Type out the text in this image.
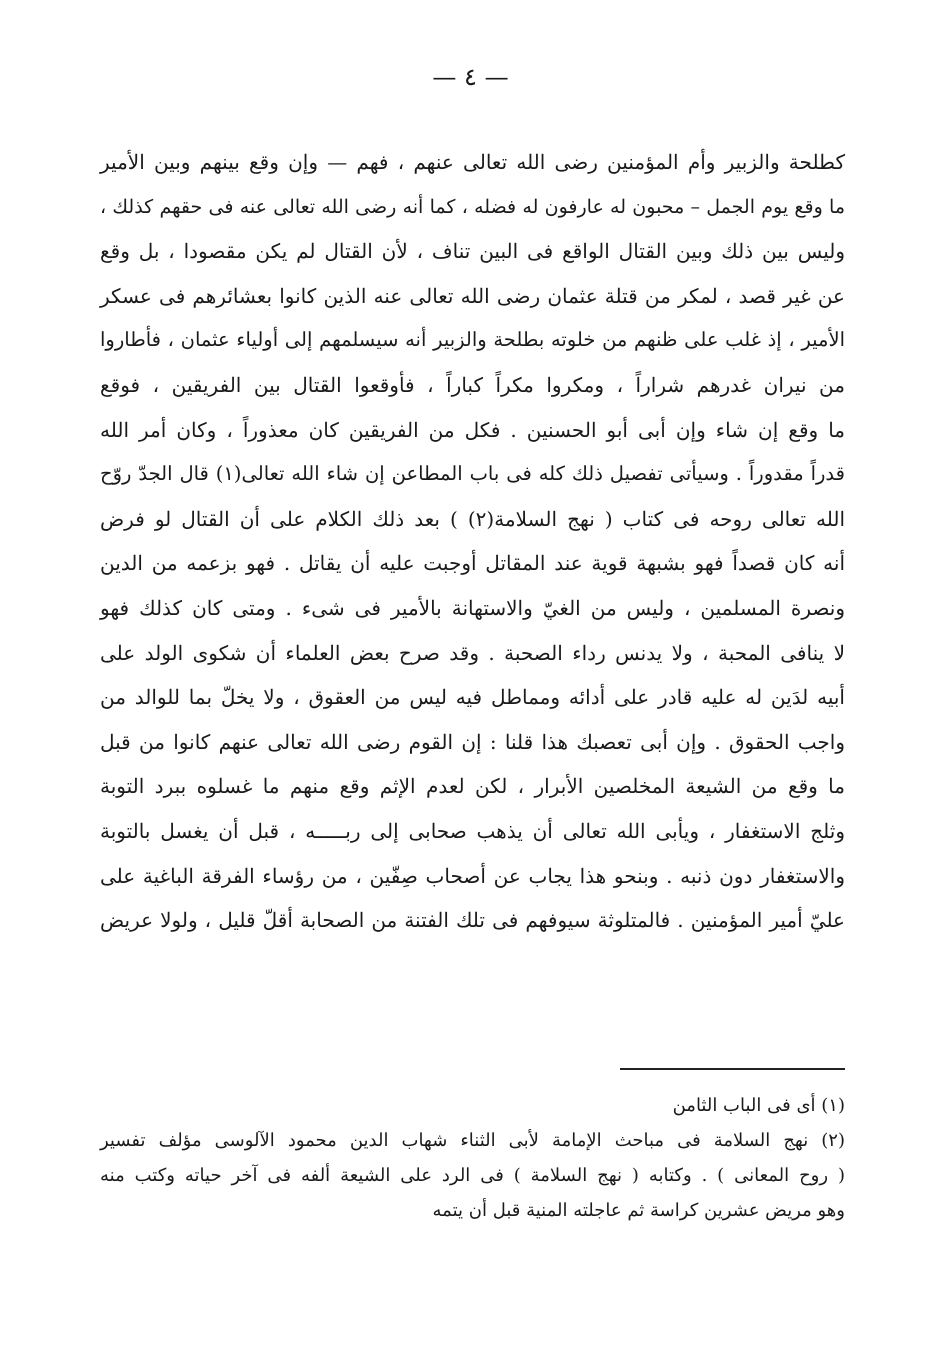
— ٤ —
كطلحة والزبير وأم المؤمنين رضى الله تعالى عنهم ، فهم — وإن وقع بينهم وبين الأمير
ما وقع يوم الجمل – محبون له عارفون له فضله ، كما أنه رضى الله تعالى عنه فى حقهم كذلك ،
وليس بين ذلك وبين القتال الواقع فى البين تناف ، لأن القتال لم يكن مقصودا ، بل وقع
عن غير قصد ، لمكر من قتلة عثمان رضى الله تعالى عنه الذين كانوا بعشائرهم فى عسكر
الأمير ، إذ غلب على ظنهم من خلوته بطلحة والزبير أنه سيسلمهم إلى أولياء عثمان ، فأطاروا
من نيران غدرهم شراراً ، ومكروا مكراً كباراً ، فأوقعوا القتال بين الفريقين ، فوقع
ما وقع إن شاء وإن أبى أبو الحسنين . فكل من الفريقين كان معذوراً ، وكان أمر الله
قدراً مقدوراً . وسيأتى تفصيل ذلك كله فى باب المطاعن إن شاء الله تعالى(١) قال الجدّ روّح
الله تعالى روحه فى كتاب ( نهج السلامة(٢) ) بعد ذلك الكلام على أن القتال لو فرض
أنه كان قصداً فهو بشبهة قوية عند المقاتل أوجبت عليه أن يقاتل . فهو بزعمه من الدين
ونصرة المسلمين ، وليس من الغيّ والاستهانة بالأمير فى شىء . ومتى كان كذلك فهو
لا ينافى المحبة ، ولا يدنس رداء الصحبة . وقد صرح بعض العلماء أن شكوى الولد على
أبيه لدَين له عليه قادر على أدائه ومماطل فيه ليس من العقوق ، ولا يخلّ بما للوالد من
واجب الحقوق . وإن أبى تعصبك هذا قلنا : إن القوم رضى الله تعالى عنهم كانوا من قبل
ما وقع من الشيعة المخلصين الأبرار ، لكن لعدم الإثم وقع منهم ما غسلوه ببرد التوبة
وثلج الاستغفار ، ويأبى الله تعالى أن يذهب صحابى إلى ربـــــه ، قبل أن يغسل بالتوبة
والاستغفار دون ذنبه . وبنحو هذا يجاب عن أصحاب صِفّين ، من رؤساء الفرقة الباغية على
عليّ أمير المؤمنين . فالمتلوثة سيوفهم فى تلك الفتنة من الصحابة أقلّ قليل ، ولولا عريض
(١) أى فى الباب الثامن
(٢) نهج السلامة فى مباحث الإمامة لأبى الثناء شهاب الدين محمود الآلوسى مؤلف تفسير
( روح المعانى ) . وكتابه ( نهج السلامة ) فى الرد على الشيعة ألفه فى آخر حياته وكتب منه
وهو مريض عشرين كراسة ثم عاجلته المنية قبل أن يتمه
